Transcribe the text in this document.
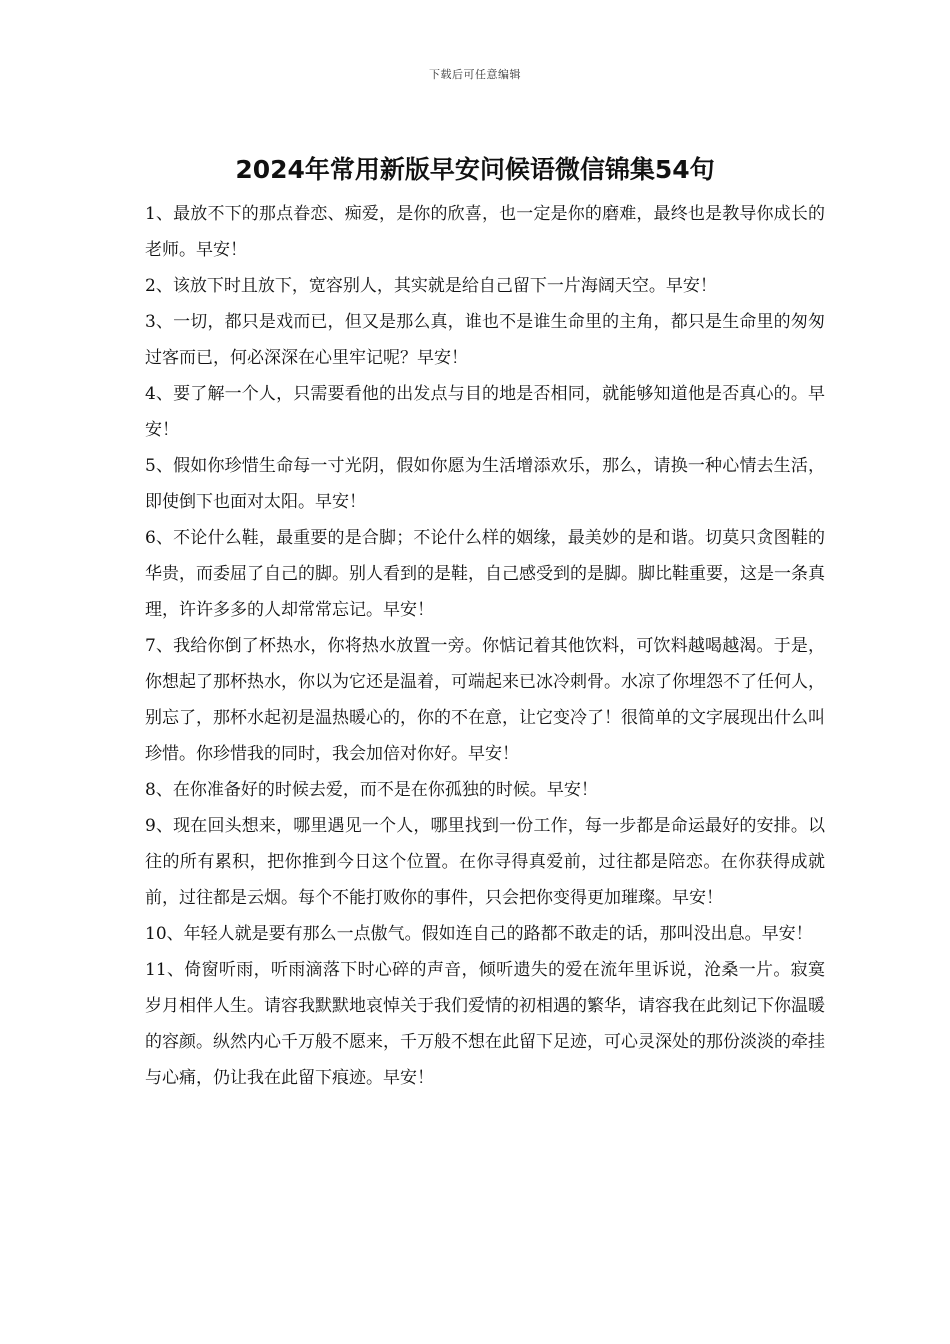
下载后可任意编辑
2024年常用新版早安问候语微信锦集54句

1、最放不下的那点眷恋、痴爱，是你的欣喜，也一定是你的磨难，最终也是教导你成长的老师。早安！

2、该放下时且放下，宽容别人，其实就是给自己留下一片海阔天空。早安！

3、一切，都只是戏而已，但又是那么真，谁也不是谁生命里的主角，都只是生命里的匆匆过客而已，何必深深在心里牢记呢？早安！

4、要了解一个人，只需要看他的出发点与目的地是否相同，就能够知道他是否真心的。早安！

5、假如你珍惜生命每一寸光阴，假如你愿为生活增添欢乐，那么，请换一种心情去生活，即使倒下也面对太阳。早安！

6、不论什么鞋，最重要的是合脚；不论什么样的姻缘，最美妙的是和谐。切莫只贪图鞋的华贵，而委屈了自己的脚。别人看到的是鞋，自己感受到的是脚。脚比鞋重要，这是一条真理，许许多多的人却常常忘记。早安！

7、我给你倒了杯热水，你将热水放置一旁。你惦记着其他饮料，可饮料越喝越渴。于是，你想起了那杯热水，你以为它还是温着，可端起来已冰冷刺骨。水凉了你埋怨不了任何人，别忘了，那杯水起初是温热暖心的，你的不在意，让它变冷了！很简单的文字展现出什么叫珍惜。你珍惜我的同时，我会加倍对你好。早安！

8、在你准备好的时候去爱，而不是在你孤独的时候。早安！

9、现在回头想来，哪里遇见一个人，哪里找到一份工作，每一步都是命运最好的安排。以往的所有累积，把你推到今日这个位置。在你寻得真爱前，过往都是陪恋。在你获得成就前，过往都是云烟。每个不能打败你的事件，只会把你变得更加璀璨。早安！

10、年轻人就是要有那么一点傲气。假如连自己的路都不敢走的话，那叫没出息。早安！

11、倚窗听雨，听雨滴落下时心碎的声音，倾听遗失的爱在流年里诉说，沧桑一片。寂寞岁月相伴人生。请容我默默地哀悼关于我们爱情的初相遇的繁华，请容我在此刻记下你温暖的容颜。纵然内心千万般不愿来，千万般不想在此留下足迹，可心灵深处的那份淡淡的牵挂与心痛，仍让我在此留下痕迹。早安！
